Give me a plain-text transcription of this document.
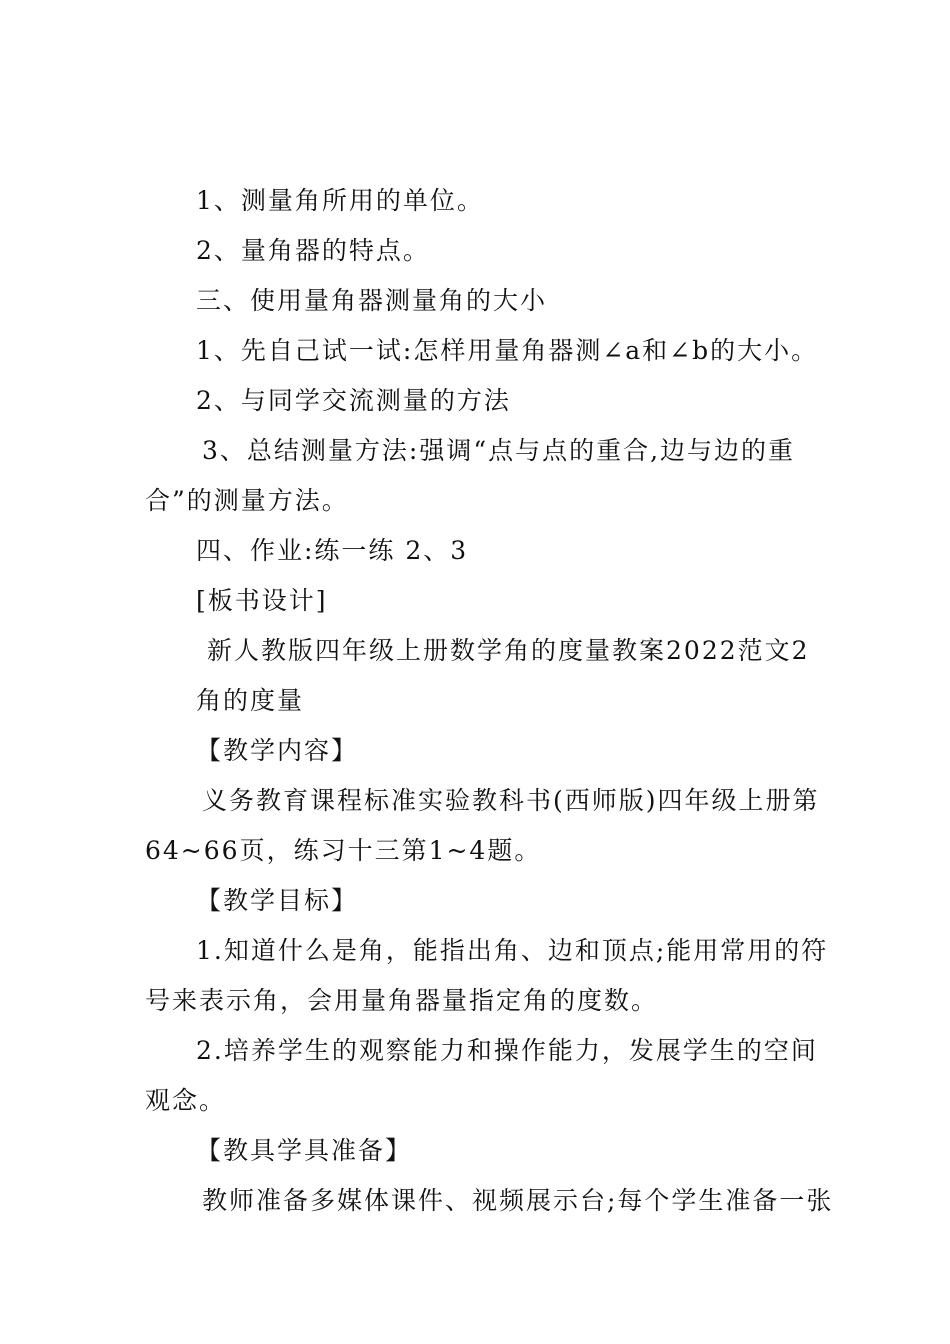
1、测量角所用的单位。
2、量角器的特点。
三、使用量角器测量角的大小
1、先自己试一试:怎样用量角器测∠a和∠b的大小。
2、与同学交流测量的方法
3、总结测量方法:强调“点与点的重合,边与边的重
合”的测量方法。
四、作业:练一练 2、3
[板书设计]
新人教版四年级上册数学角的度量教案2022范文2
角的度量
【教学内容】
义务教育课程标准实验教科书(西师版)四年级上册第
64~66页，练习十三第1~4题。
【教学目标】
1.知道什么是角，能指出角、边和顶点;能用常用的符
号来表示角，会用量角器量指定角的度数。
2.培养学生的观察能力和操作能力，发展学生的空间
观念。
【教具学具准备】
教师准备多媒体课件、视频展示台;每个学生准备一张
